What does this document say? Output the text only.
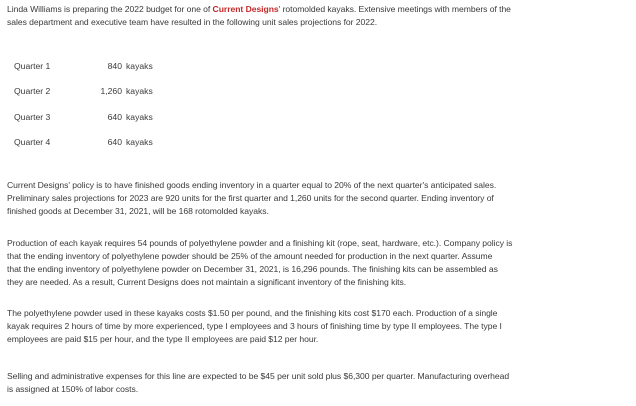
Linda Williams is preparing the 2022 budget for one of Current Designs' rotomolded kayaks. Extensive meetings with members of the
sales department and executive team have resulted in the following unit sales projections for 2022.

Quarter 1	840	kayaks
Quarter 2	1,260	kayaks
Quarter 3	640	kayaks
Quarter 4	640	kayaks

Current Designs' policy is to have finished goods ending inventory in a quarter equal to 20% of the next quarter's anticipated sales.
Preliminary sales projections for 2023 are 920 units for the first quarter and 1,260 units for the second quarter. Ending inventory of
finished goods at December 31, 2021, will be 168 rotomolded kayaks.

Production of each kayak requires 54 pounds of polyethylene powder and a finishing kit (rope, seat, hardware, etc.). Company policy is
that the ending inventory of polyethylene powder should be 25% of the amount needed for production in the next quarter. Assume
that the ending inventory of polyethylene powder on December 31, 2021, is 16,296 pounds. The finishing kits can be assembled as
they are needed. As a result, Current Designs does not maintain a significant inventory of the finishing kits.

The polyethylene powder used in these kayaks costs $1.50 per pound, and the finishing kits cost $170 each. Production of a single
kayak requires 2 hours of time by more experienced, type I employees and 3 hours of finishing time by type II employees. The type I
employees are paid $15 per hour, and the type II employees are paid $12 per hour.

Selling and administrative expenses for this line are expected to be $45 per unit sold plus $6,300 per quarter. Manufacturing overhead
is assigned at 150% of labor costs.
